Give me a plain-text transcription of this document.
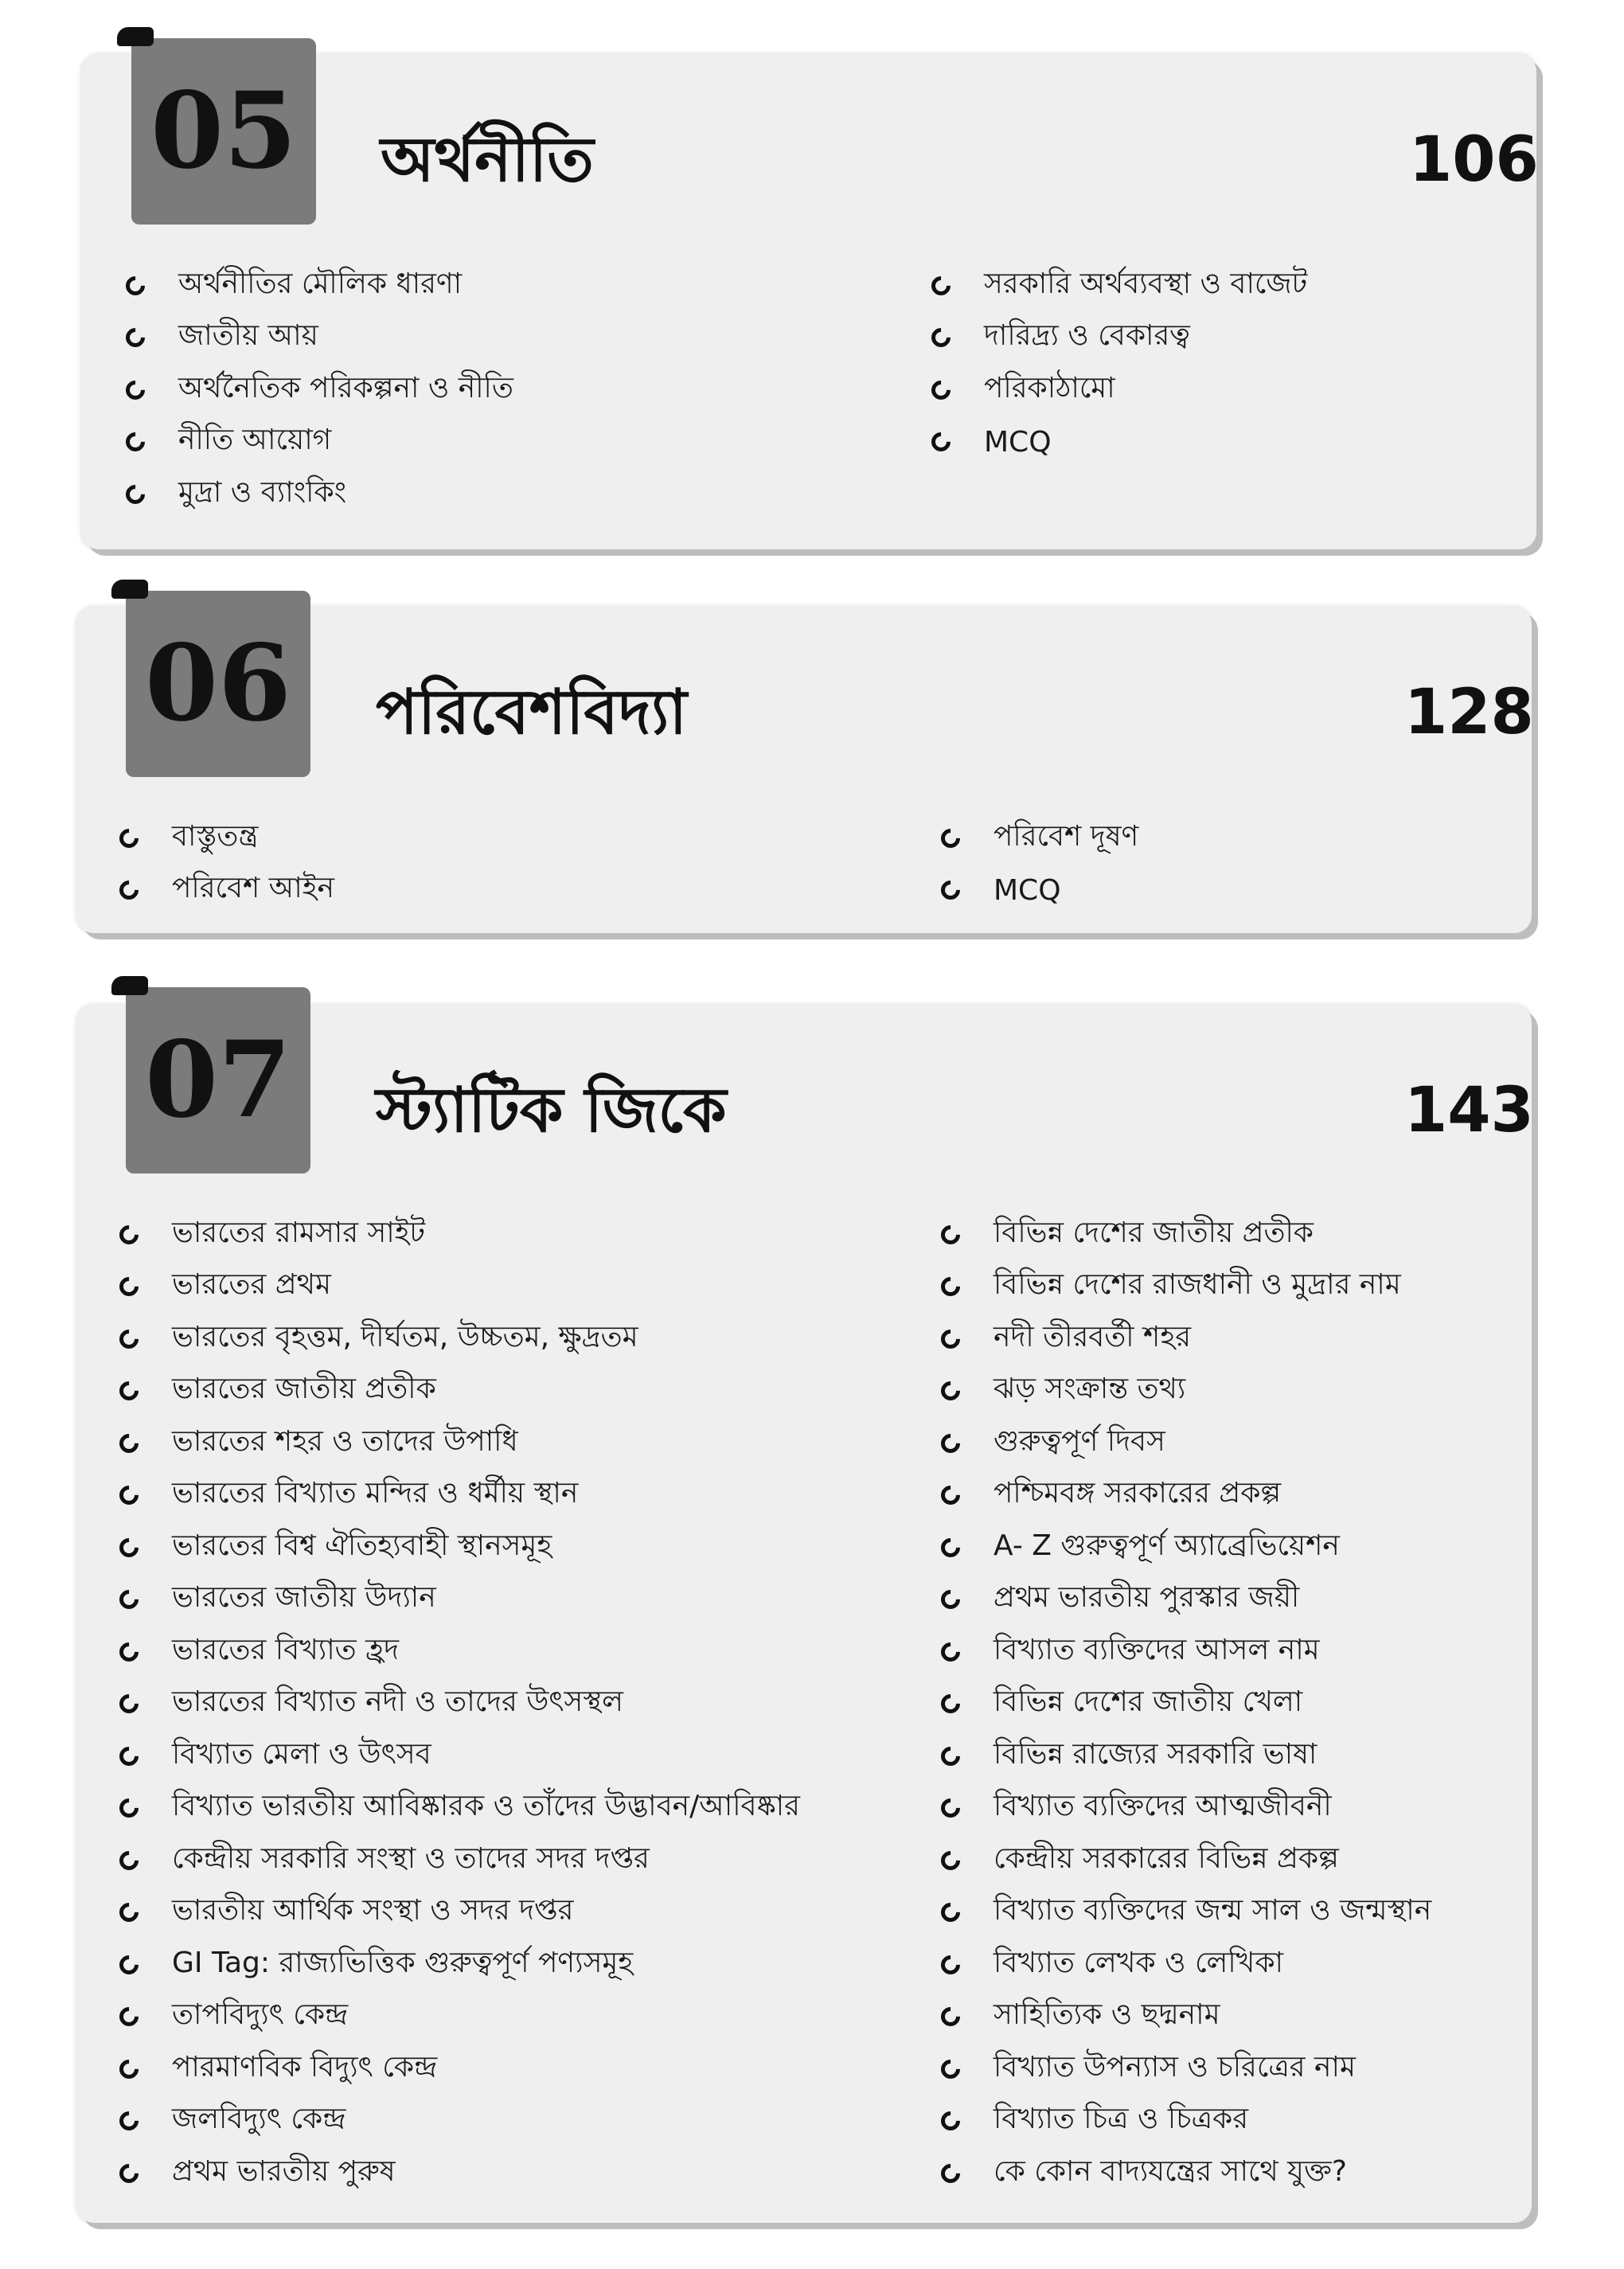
05 অর্থনীতি	106
অর্থনীতির মৌলিক ধারণা
জাতীয় আয়
অর্থনৈতিক পরিকল্পনা ও নীতি
নীতি আয়োগ
মুদ্রা ও ব্যাংকিং
সরকারি অর্থব্যবস্থা ও বাজেট
দারিদ্র্য ও বেকারত্ব
পরিকাঠামো
MCQ
06 পরিবেশবিদ্যা	128
বাস্তুতন্ত্র
পরিবেশ আইন
পরিবেশ দূষণ
MCQ
07 স্ট্যাটিক জিকে	143
ভারতের রামসার সাইট
ভারতের প্রথম
ভারতের বৃহত্তম, দীর্ঘতম, উচ্চতম, ক্ষুদ্রতম
ভারতের জাতীয় প্রতীক
ভারতের শহর ও তাদের উপাধি
ভারতের বিখ্যাত মন্দির ও ধর্মীয় স্থান
ভারতের বিশ্ব ঐতিহ্যবাহী স্থানসমূহ
ভারতের জাতীয় উদ্যান
ভারতের বিখ্যাত হ্রদ
ভারতের বিখ্যাত নদী ও তাদের উৎসস্থল
বিখ্যাত মেলা ও উৎসব
বিখ্যাত ভারতীয় আবিষ্কারক ও তাঁদের উদ্ভাবন/আবিষ্কার
কেন্দ্রীয় সরকারি সংস্থা ও তাদের সদর দপ্তর
ভারতীয় আর্থিক সংস্থা ও সদর দপ্তর
GI Tag: রাজ্যভিত্তিক গুরুত্বপূর্ণ পণ্যসমূহ
তাপবিদ্যুৎ কেন্দ্র
পারমাণবিক বিদ্যুৎ কেন্দ্র
জলবিদ্যুৎ কেন্দ্র
প্রথম ভারতীয় পুরুষ
বিভিন্ন দেশের জাতীয় প্রতীক
বিভিন্ন দেশের রাজধানী ও মুদ্রার নাম
নদী তীরবর্তী শহর
ঝড় সংক্রান্ত তথ্য
গুরুত্বপূর্ণ দিবস
পশ্চিমবঙ্গ সরকারের প্রকল্প
A- Z গুরুত্বপূর্ণ অ্যাব্রেভিয়েশন
প্রথম ভারতীয় পুরস্কার জয়ী
বিখ্যাত ব্যক্তিদের আসল নাম
বিভিন্ন দেশের জাতীয় খেলা
বিভিন্ন রাজ্যের সরকারি ভাষা
বিখ্যাত ব্যক্তিদের আত্মজীবনী
কেন্দ্রীয় সরকারের বিভিন্ন প্রকল্প
বিখ্যাত ব্যক্তিদের জন্ম সাল ও জন্মস্থান
বিখ্যাত লেখক ও লেখিকা
সাহিত্যিক ও ছদ্মনাম
বিখ্যাত উপন্যাস ও চরিত্রের নাম
বিখ্যাত চিত্র ও চিত্রকর
কে কোন বাদ্যযন্ত্রের সাথে যুক্ত?
